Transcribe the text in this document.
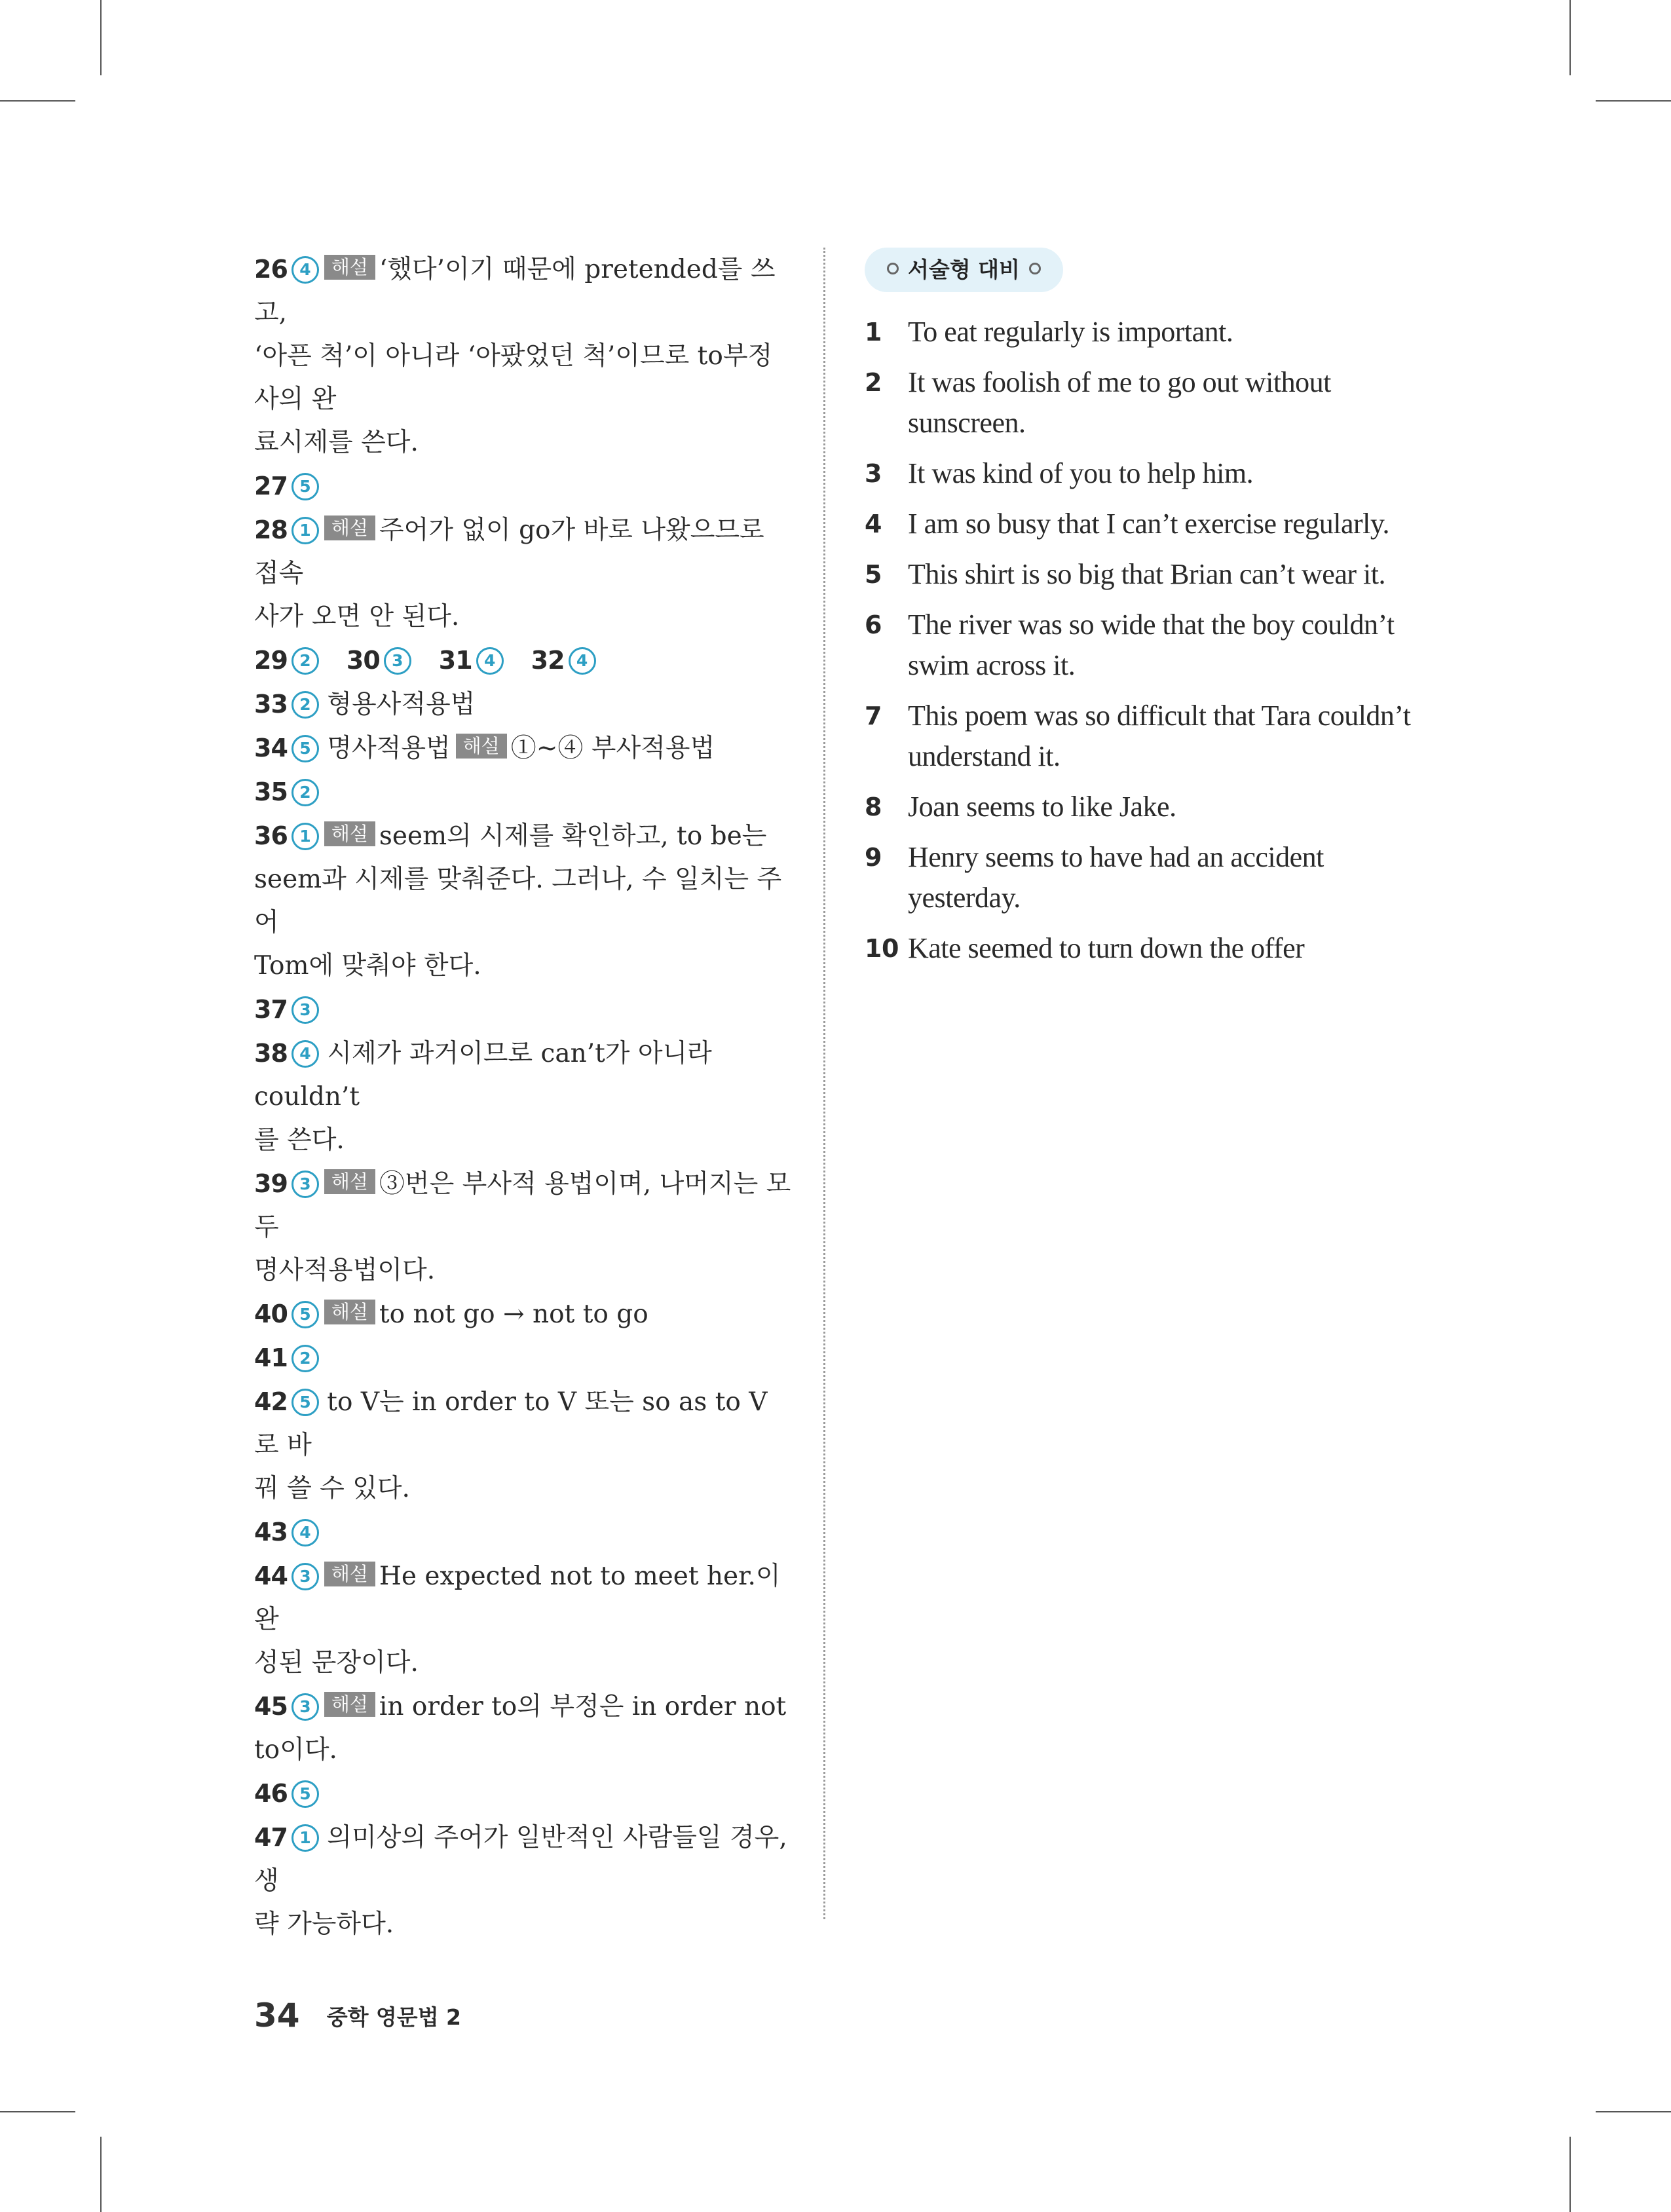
26 4 해설 ‘했다’이기 때문에 pretended를 쓰고,
‘아픈 척’이 아니라 ‘아팠었던 척’이므로 to부정사의 완
료시제를 쓴다.
27 5
28 1 해설 주어가 없이 go가 바로 나왔으므로 접속
사가 오면 안 된다.
29 2 30 3 31 4 32 4
33 2 형용사적용법
34 5 명사적용법 해설 ①~④ 부사적용법
35 2
36 1 해설 seem의 시제를 확인하고, to be는
seem과 시제를 맞춰준다. 그러나, 수 일치는 주어
Tom에 맞춰야 한다.
37 3
38 4 시제가 과거이므로 can’t가 아니라 couldn’t
를 쓴다.
39 3 해설 ③번은 부사적 용법이며, 나머지는 모두
명사적용법이다.
40 5 해설 to not go → not to go
41 2
42 5 to V는 in order to V 또는 so as to V로 바
꿔 쓸 수 있다.
43 4
44 3 해설 He expected not to meet her.이 완
성된 문장이다.
45 3 해설 in order to의 부정은 in order not
to이다.
46 5
47 1 의미상의 주어가 일반적인 사람들일 경우, 생
략 가능하다.
서술형 대비
1 To eat regularly is important.
2 It was foolish of me to go out without
sunscreen.
3 It was kind of you to help him.
4 I am so busy that I can’t exercise regularly.
5 This shirt is so big that Brian can’t wear it.
6 The river was so wide that the boy couldn’t
swim across it.
7 This poem was so difficult that Tara couldn’t
understand it.
8 Joan seems to like Jake.
9 Henry seems to have had an accident
yesterday.
10 Kate seemed to turn down the offer
34 중학 영문법 2
